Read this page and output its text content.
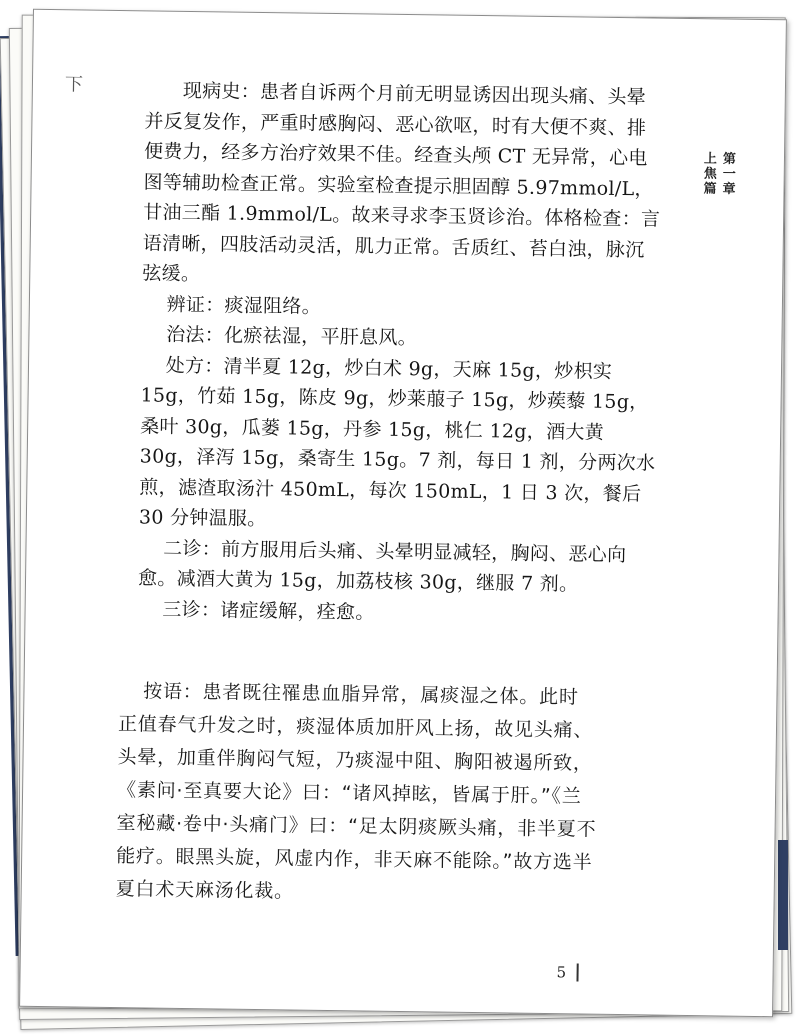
下	现病史：患者自诉两个月前无明显诱因出现头痛、头晕并反复发作，严重时感胸闷、恶心欲呕，时有大便不爽、排便费力，经多方治疗效果不佳。经查头颅 CT 无异常，心电图等辅助检查正常。实验室检查提示胆固醇 5.97mmol/L，甘油三酯 1.9mmol/L。故来寻求李玉贤诊治。体格检查：言语清晰，四肢活动灵活，肌力正常。舌质红、苔白浊，脉沉弦缓。

辨证：痰湿阻络。

治法：化瘀祛湿，平肝息风。

处方：清半夏 12g，炒白术 9g，天麻 15g，炒枳实 15g，竹茹 15g，陈皮 9g，炒莱菔子 15g，炒蒺藜 15g，桑叶 30g，瓜蒌 15g，丹参 15g，桃仁 12g，酒大黄 30g，泽泻 15g，桑寄生 15g。7 剂，每日 1 剂，分两次水煎，滤渣取汤汁 450mL，每次 150mL，1 日 3 次，餐后 30 分钟温服。

二诊：前方服用后头痛、头晕明显减轻，胸闷、恶心向愈。减酒大黄为 15g，加荔枝核 30g，继服 7 剂。

三诊：诸症缓解，痊愈。

按语：患者既往罹患血脂异常，属痰湿之体。此时正值春气升发之时，痰湿体质加肝风上扬，故见头痛、头晕，加重伴胸闷气短，乃痰湿中阻、胸阳被遏所致，《素问·至真要大论》曰：“诸风掉眩，皆属于肝。”《兰室秘藏·卷中·头痛门》曰：“足太阴痰厥头痛，非半夏不能疗。眼黑头旋，风虚内作，非天麻不能除。”故方选半夏白术天麻汤化裁。

第一章
上焦篇
5
